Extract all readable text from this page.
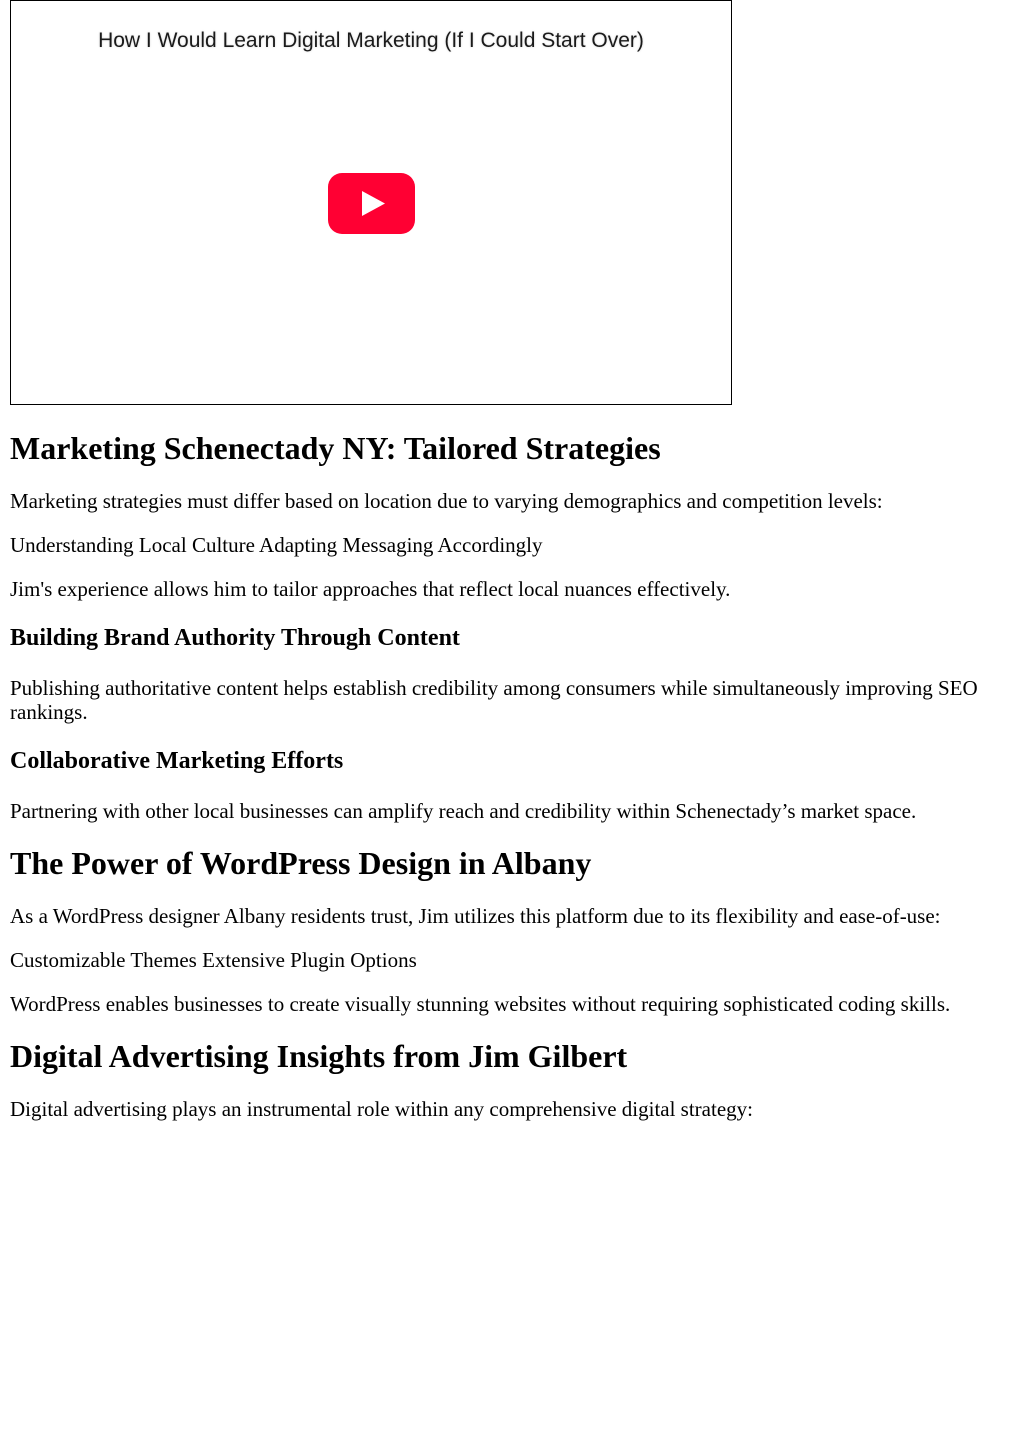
How I Would Learn Digital Marketing (If I Could Start Over)
Marketing Schenectady NY: Tailored Strategies

Marketing strategies must differ based on location due to varying demographics and competition levels:

Understanding Local Culture Adapting Messaging Accordingly

Jim's experience allows him to tailor approaches that reflect local nuances effectively.

Building Brand Authority Through Content

Publishing authoritative content helps establish credibility among consumers while simultaneously improving SEO rankings.

Collaborative Marketing Efforts

Partnering with other local businesses can amplify reach and credibility within Schenectady’s market space.

The Power of WordPress Design in Albany

As a WordPress designer Albany residents trust, Jim utilizes this platform due to its flexibility and ease-of-use:

Customizable Themes Extensive Plugin Options

WordPress enables businesses to create visually stunning websites without requiring sophisticated coding skills.

Digital Advertising Insights from Jim Gilbert

Digital advertising plays an instrumental role within any comprehensive digital strategy:
